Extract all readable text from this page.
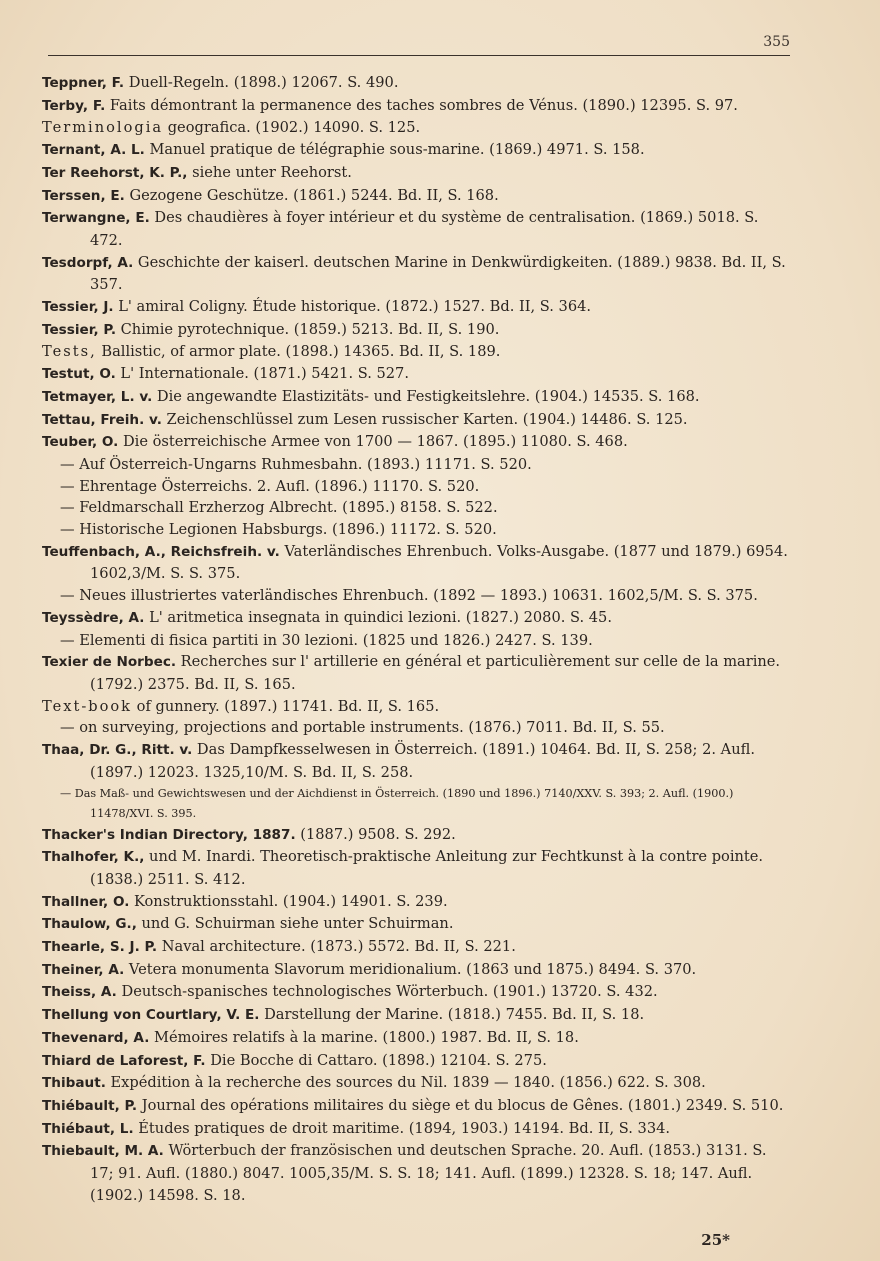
355

Teppner, F. Duell-Regeln. (1898.) 12067. S. 490.

Terby, F. Faits démontrant la permanence des taches sombres de Vénus. (1890.) 12395. S. 97.

Terminologia geografica. (1902.) 14090. S. 125.

Ternant, A. L. Manuel pratique de télégraphie sous-marine. (1869.) 4971. S. 158.

Ter Reehorst, K. P., siehe unter Reehorst.

Terssen, E. Gezogene Geschütze. (1861.) 5244. Bd. II, S. 168.

Terwangne, E. Des chaudières à foyer intérieur et du système de centralisation. (1869.) 5018. S. 472.

Tesdorpf, A. Geschichte der kaiserl. deutschen Marine in Denkwürdigkeiten. (1889.) 9838. Bd. II, S. 357.

Tessier, J. L' amiral Coligny. Étude historique. (1872.) 1527. Bd. II, S. 364.

Tessier, P. Chimie pyrotechnique. (1859.) 5213. Bd. II, S. 190.

Tests, Ballistic, of armor plate. (1898.) 14365. Bd. II, S. 189.

Testut, O. L' Internationale. (1871.) 5421. S. 527.

Tetmayer, L. v. Die angewandte Elastizitäts- und Festigkeitslehre. (1904.) 14535. S. 168.

Tettau, Freih. v. Zeichenschlüssel zum Lesen russischer Karten. (1904.) 14486. S. 125.

Teuber, O. Die österreichische Armee von 1700 — 1867. (1895.) 11080. S. 468.

— Auf Österreich-Ungarns Ruhmesbahn. (1893.) 11171. S. 520.

— Ehrentage Österreichs. 2. Aufl. (1896.) 11170. S. 520.

— Feldmarschall Erzherzog Albrecht. (1895.) 8158. S. 522.

— Historische Legionen Habsburgs. (1896.) 11172. S. 520.

Teuffenbach, A., Reichsfreih. v. Vaterländisches Ehrenbuch. Volks-Ausgabe. (1877 und 1879.) 6954. 1602,3/M. S. S. 375.

— Neues illustriertes vaterländisches Ehrenbuch. (1892 — 1893.) 10631. 1602,5/M. S. S. 375.

Teyssèdre, A. L' aritmetica insegnata in quindici lezioni. (1827.) 2080. S. 45.

— Elementi di fisica partiti in 30 lezioni. (1825 und 1826.) 2427. S. 139.

Texier de Norbec. Recherches sur l' artillerie en général et particulièrement sur celle de la marine. (1792.) 2375. Bd. II, S. 165.

Text-book of gunnery. (1897.) 11741. Bd. II, S. 165.

— on surveying, projections and portable instruments. (1876.) 7011. Bd. II, S. 55.

Thaa, Dr. G., Ritt. v. Das Dampfkesselwesen in Österreich. (1891.) 10464. Bd. II, S. 258; 2. Aufl. (1897.) 12023. 1325,10/M. S. Bd. II, S. 258.

— Das Maß- und Gewichtswesen und der Aichdienst in Österreich. (1890 und 1896.) 7140/XXV. S. 393; 2. Aufl. (1900.) 11478/XVI. S. 395.

Thacker's Indian Directory, 1887. (1887.) 9508. S. 292.

Thalhofer, K., und M. Inardi. Theoretisch-praktische Anleitung zur Fechtkunst à la contre pointe. (1838.) 2511. S. 412.

Thallner, O. Konstruktionsstahl. (1904.) 14901. S. 239.

Thaulow, G., und G. Schuirman siehe unter Schuirman.

Thearle, S. J. P. Naval architecture. (1873.) 5572. Bd. II, S. 221.

Theiner, A. Vetera monumenta Slavorum meridionalium. (1863 und 1875.) 8494. S. 370.

Theiss, A. Deutsch-spanisches technologisches Wörterbuch. (1901.) 13720. S. 432.

Thellung von Courtlary, V. E. Darstellung der Marine. (1818.) 7455. Bd. II, S. 18.

Thevenard, A. Mémoires relatifs à la marine. (1800.) 1987. Bd. II, S. 18.

Thiard de Laforest, F. Die Bocche di Cattaro. (1898.) 12104. S. 275.

Thibaut. Expédition à la recherche des sources du Nil. 1839 — 1840. (1856.) 622. S. 308.

Thiébault, P. Journal des opérations militaires du siège et du blocus de Gênes. (1801.) 2349. S. 510.

Thiébaut, L. Études pratiques de droit maritime. (1894, 1903.) 14194. Bd. II, S. 334.

Thiebault, M. A. Wörterbuch der französischen und deutschen Sprache. 20. Aufl. (1853.) 3131. S. 17; 91. Aufl. (1880.) 8047. 1005,35/M. S. S. 18; 141. Aufl. (1899.) 12328. S. 18; 147. Aufl. (1902.) 14598. S. 18.

25*
